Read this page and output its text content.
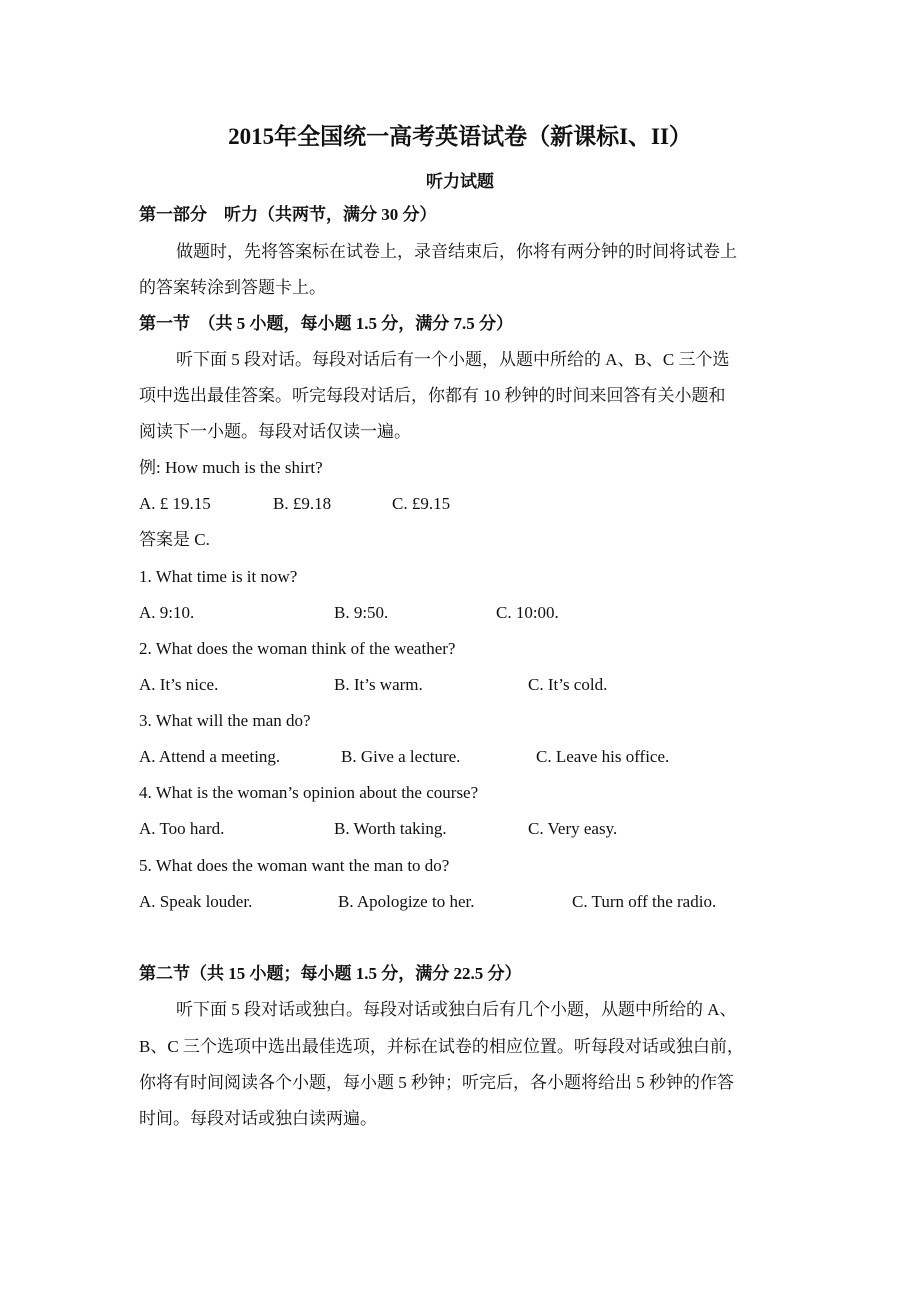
2015年全国统一高考英语试卷（新课标I、II）
听力试题

第一部分　听力（共两节，满分 30 分）

做题时，先将答案标在试卷上，录音结束后，你将有两分钟的时间将试卷上

的答案转涂到答题卡上。

第一节　（共 5 小题，每小题 1.5 分，满分 7.5 分）

听下面 5 段对话。每段对话后有一个小题，从题中所给的 A、B、C 三个选

项中选出最佳答案。听完每段对话后，你都有 10 秒钟的时间来回答有关小题和

阅读下一小题。每段对话仅读一遍。

例: How much is the shirt?

A. £ 19.15	B. £9.18	C. £9.15

答案是 C.

1. What time is it now?

A. 9:10.	B. 9:50.	C. 10:00.

2. What does the woman think of the weather?

A. It’s nice.	B. It’s warm.	C. It’s cold.

3. What will the man do?

A. Attend a meeting.	B. Give a lecture.	C. Leave his office.

4. What is the woman’s opinion about the course?

A. Too hard.	B. Worth taking.	C. Very easy.

5. What does the woman want the man to do?

A. Speak louder.	B. Apologize to her.	C. Turn off the radio.

第二节（共 15 小题；每小题 1.5 分，满分 22.5 分）

听下面 5 段对话或独白。每段对话或独白后有几个小题，从题中所给的 A、

B、C 三个选项中选出最佳选项，并标在试卷的相应位置。听每段对话或独白前，

你将有时间阅读各个小题，每小题 5 秒钟；听完后，各小题将给出 5 秒钟的作答

时间。每段对话或独白读两遍。
